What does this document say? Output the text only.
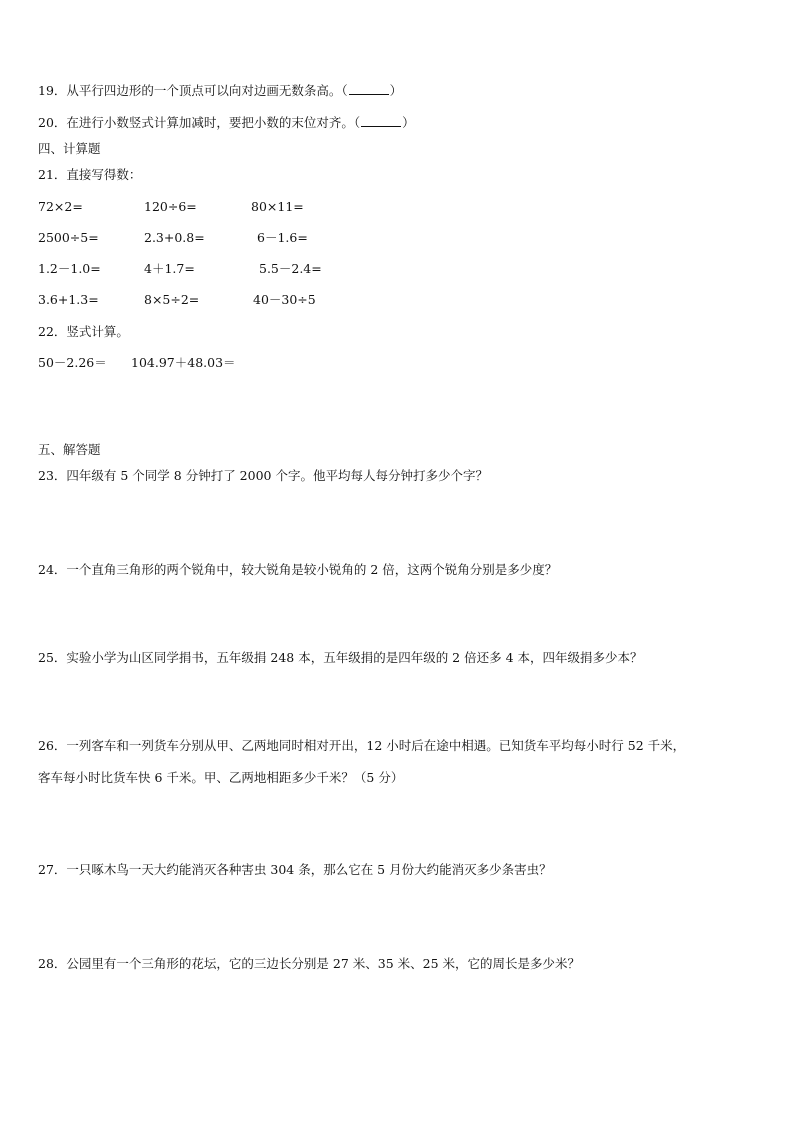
19．从平行四边形的一个顶点可以向对边画无数条高。（	）
20．在进行小数竖式计算加减时，要把小数的末位对齐。（	）
四、计算题
21．直接写得数：
72×2=	120÷6=	80×11=
2500÷5=	2.3+0.8=	6－1.6=
1.2－1.0=	4＋1.7=	5.5－2.4=
3.6+1.3=	8×5÷2=	40－30÷5
22．竖式计算。
50－2.26＝ 104.97＋48.03＝
五、解答题
23．四年级有 5 个同学 8 分钟打了 2000 个字。他平均每人每分钟打多少个字？
24．一个直角三角形的两个锐角中，较大锐角是较小锐角的 2 倍，这两个锐角分别是多少度？
25．实验小学为山区同学捐书，五年级捐 248 本，五年级捐的是四年级的 2 倍还多 4 本，四年级捐多少本？
26．一列客车和一列货车分别从甲、乙两地同时相对开出，12 小时后在途中相遇。已知货车平均每小时行 52 千米，
客车每小时比货车快 6 千米。甲、乙两地相距多少千米？（5 分）
27．一只啄木鸟一天大约能消灭各种害虫 304 条，那么它在 5 月份大约能消灭多少条害虫？
28．公园里有一个三角形的花坛，它的三边长分别是 27 米、35 米、25 米，它的周长是多少米？
